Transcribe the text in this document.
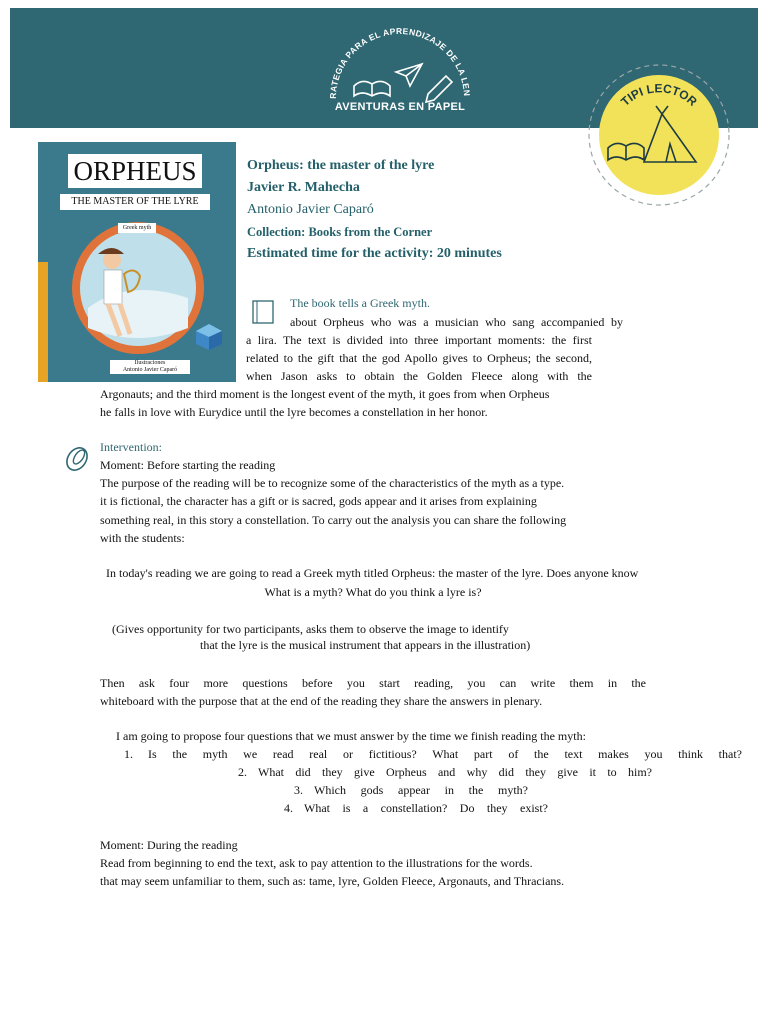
RATEGIA PARA EL APRENDIZAJE DE LA LEN
AVENTURAS EN PAPEL	TIPI LECTOR
ORPHEUS
THE MASTER OF THE LYRE
Greek myth
Ilustraciones
Antonio Javier Caparó
Orpheus: the master of the lyre
Javier R. Mahecha
Antonio Javier Caparó
Collection: Books from the Corner
Estimated time for the activity: 20 minutes
The book tells a Greek myth.
about Orpheus who was a musician who sang accompanied by
a lira. The text is divided into three important moments: the first
related to the gift that the god Apollo gives to Orpheus; the second,
when Jason asks to obtain the Golden Fleece along with the
Argonauts; and the third moment is the longest event of the myth, it goes from when Orpheus
he falls in love with Eurydice until the lyre becomes a constellation in her honor.
Intervention:
Moment: Before starting the reading
The purpose of the reading will be to recognize some of the characteristics of the myth as a type.
it is fictional, the character has a gift or is sacred, gods appear and it arises from explaining
something real, in this story a constellation. To carry out the analysis you can share the following
with the students:
In today's reading we are going to read a Greek myth titled Orpheus: the master of the lyre. Does anyone know
What is a myth? What do you think a lyre is?
(Gives opportunity for two participants, asks them to observe the image to identify
that the lyre is the musical instrument that appears in the illustration)
Then ask four more questions before you start reading, you can write them in the
whiteboard with the purpose that at the end of the reading they share the answers in plenary.
I am going to propose four questions that we must answer by the time we finish reading the myth:
1. Is the myth we read real or fictitious? What part of the text makes you think that?
2. What did they give Orpheus and why did they give it to him?
3. Which gods appear in the myth?
4. What is a constellation? Do they exist?
Moment: During the reading
Read from beginning to end the text, ask to pay attention to the illustrations for the words.
that may seem unfamiliar to them, such as: tame, lyre, Golden Fleece, Argonauts, and Thracians.
